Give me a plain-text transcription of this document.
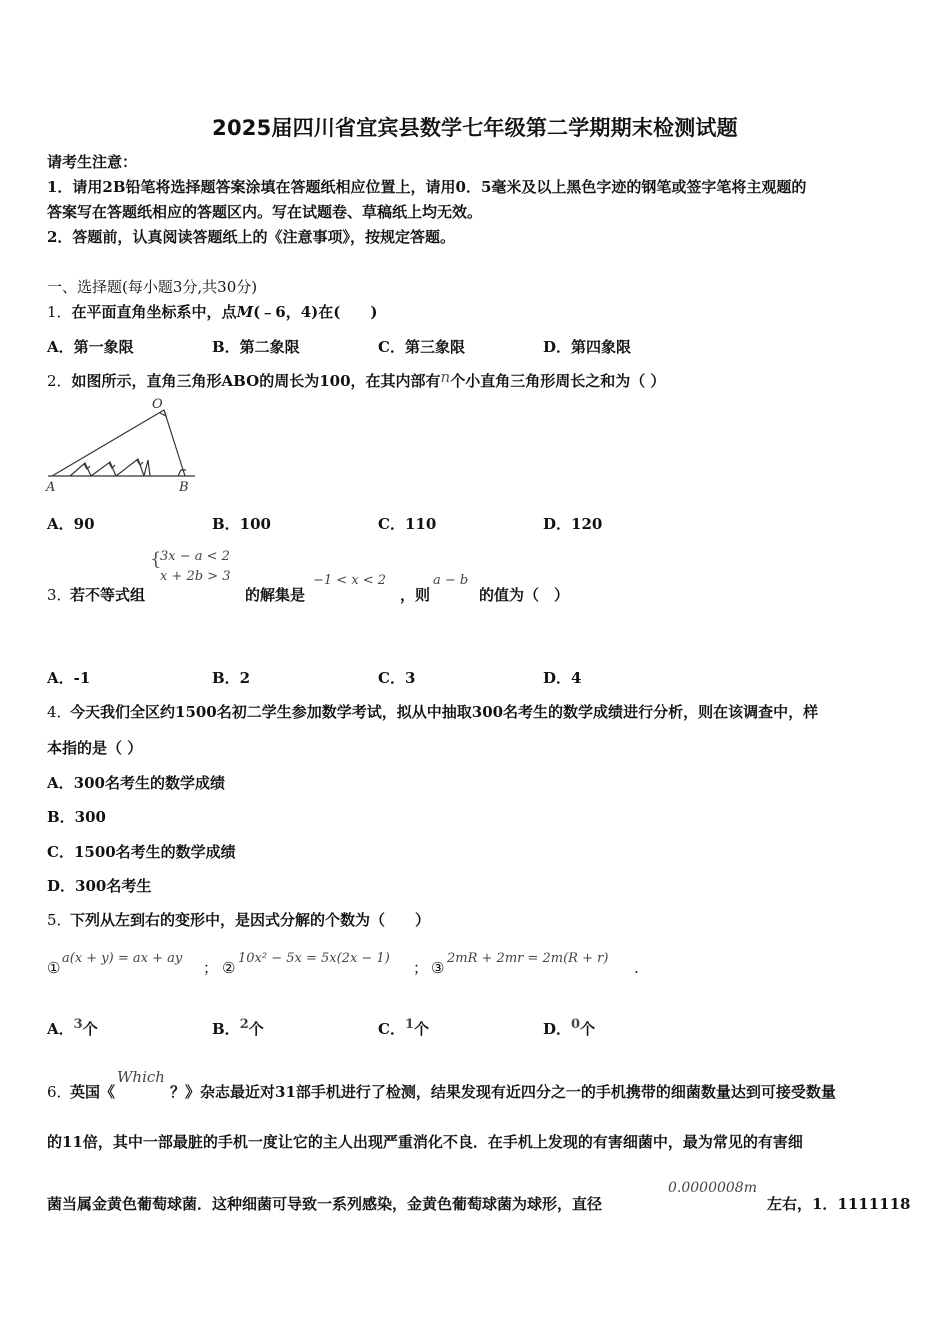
2025届四川省宜宾县数学七年级第二学期期末检测试题
请考生注意：
1．请用2B铅笔将选择题答案涂填在答题纸相应位置上，请用0．5毫米及以上黑色字迹的钢笔或签字笔将主观题的
答案写在答题纸相应的答题区内。写在试题卷、草稿纸上均无效。
2．答题前，认真阅读答题纸上的《注意事项》，按规定答题。
一、选择题(每小题3分,共30分)
1．在平面直角坐标系中，点M(﹣6，4)在(　　)
A．第一象限	B．第二象限	C．第三象限	D．第四象限
2．如图所示，直角三角形ABO的周长为100，在其内部有n个小直角三角形周长之和为（ ）
O
A	B
A．90	B．100	C．110	D．120
3．
若不等式组
{
3x − a < 2
x + 2b > 3
的解集是
−1 < x < 2
，则
a − b
的值为（　）
A．-1	B．2	C．3	D．4
4．
今天我们全区约1500名初二学生参加数学考试，拟从中抽取300名考生的数学成绩进行分析，则在该调查中，样
本指的是（ ）
A．300名考生的数学成绩
B．300
C．1500名考生的数学成绩
D．300名考生
5．
下列从左到右的变形中，是因式分解的个数为（　　）
①
a(x + y) = ax + ay
； ②
10x² − 5x = 5x(2x − 1)
； ③
2mR + 2mr = 2m(R + r)
.
A．3个	B．2个	C．1个	D．0个
6．
英国《
Which
？》杂志最近对31部手机进行了检测，结果发现有近四分之一的手机携带的细菌数量达到可接受数量
的11倍，其中一部最脏的手机一度让它的主人出现严重消化不良．在手机上发现的有害细菌中，最为常见的有害细
菌当属金黄色葡萄球菌．这种细菌可导致一系列感染，金黄色葡萄球菌为球形，直径
0.0000008m
左右，1．1111118
